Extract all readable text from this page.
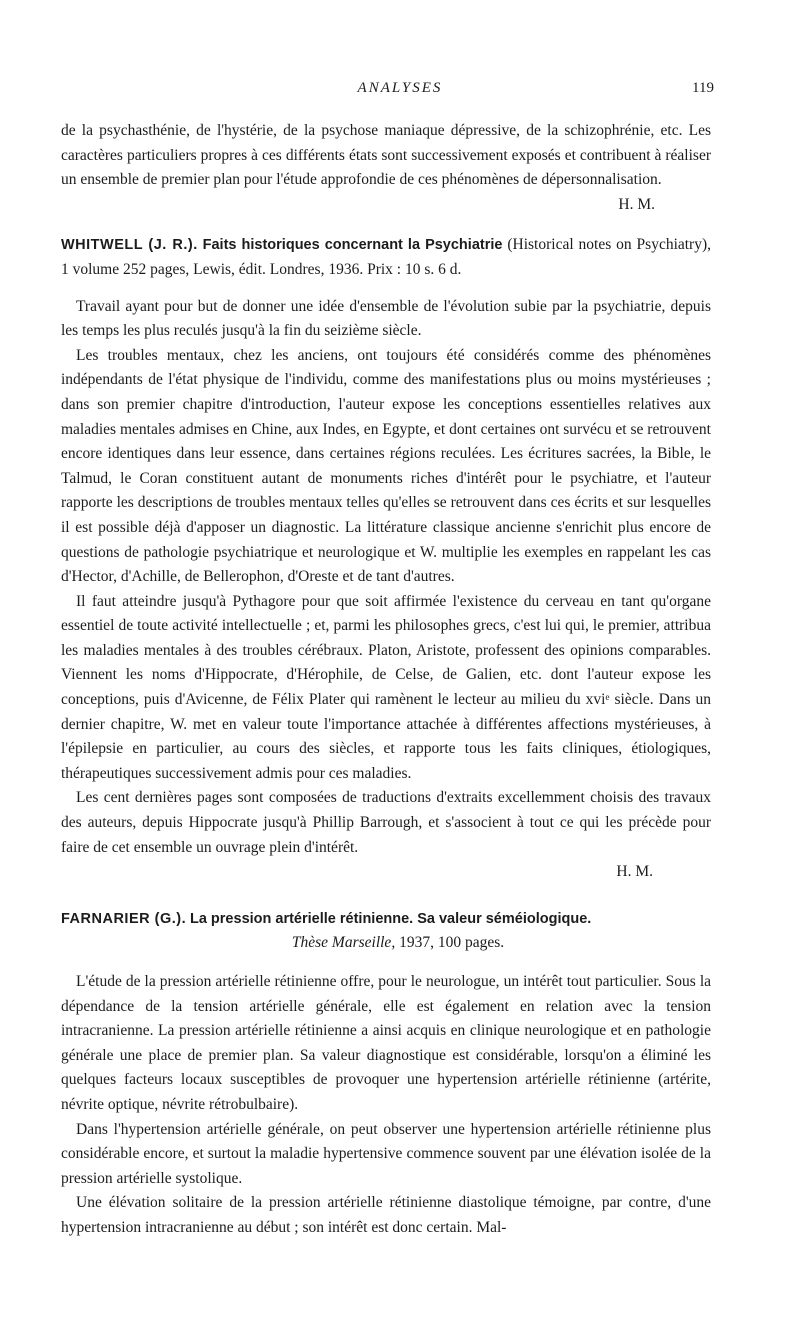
ANALYSES	119

de la psychasthénie, de l'hystérie, de la psychose maniaque dépressive, de la schizophrénie, etc. Les caractères particuliers propres à ces différents états sont successivement exposés et contribuent à réaliser un ensemble de premier plan pour l'étude approfondie de ces phénomènes de dépersonnalisation.
H. M.

WHITWELL (J. R.). Faits historiques concernant la Psychiatrie (Historical notes on Psychiatry), 1 volume 252 pages, Lewis, édit. Londres, 1936. Prix : 10 s. 6 d.

Travail ayant pour but de donner une idée d'ensemble de l'évolution subie par la psychiatrie, depuis les temps les plus reculés jusqu'à la fin du seizième siècle.

Les troubles mentaux, chez les anciens, ont toujours été considérés comme des phénomènes indépendants de l'état physique de l'individu, comme des manifestations plus ou moins mystérieuses ; dans son premier chapitre d'introduction, l'auteur expose les conceptions essentielles relatives aux maladies mentales admises en Chine, aux Indes, en Egypte, et dont certaines ont survécu et se retrouvent encore identiques dans leur essence, dans certaines régions reculées. Les écritures sacrées, la Bible, le Talmud, le Coran constituent autant de monuments riches d'intérêt pour le psychiatre, et l'auteur rapporte les descriptions de troubles mentaux telles qu'elles se retrouvent dans ces écrits et sur lesquelles il est possible déjà d'apposer un diagnostic. La littérature classique ancienne s'enrichit plus encore de questions de pathologie psychiatrique et neurologique et W. multiplie les exemples en rappelant les cas d'Hector, d'Achille, de Bellerophon, d'Oreste et de tant d'autres.

Il faut atteindre jusqu'à Pythagore pour que soit affirmée l'existence du cerveau en tant qu'organe essentiel de toute activité intellectuelle ; et, parmi les philosophes grecs, c'est lui qui, le premier, attribua les maladies mentales à des troubles cérébraux. Platon, Aristote, professent des opinions comparables. Viennent les noms d'Hippocrate, d'Hérophile, de Celse, de Galien, etc. dont l'auteur expose les conceptions, puis d'Avicenne, de Félix Plater qui ramènent le lecteur au milieu du xviᵉ siècle. Dans un dernier chapitre, W. met en valeur toute l'importance attachée à différentes affections mystérieuses, à l'épilepsie en particulier, au cours des siècles, et rapporte tous les faits cliniques, étiologiques, thérapeutiques successivement admis pour ces maladies.

Les cent dernières pages sont composées de traductions d'extraits excellemment choisis des travaux des auteurs, depuis Hippocrate jusqu'à Phillip Barrough, et s'associent à tout ce qui les précède pour faire de cet ensemble un ouvrage plein d'intérêt.

H. M.

FARNARIER (G.). La pression artérielle rétinienne. Sa valeur séméiologique.
Thèse Marseille, 1937, 100 pages.

L'étude de la pression artérielle rétinienne offre, pour le neurologue, un intérêt tout particulier. Sous la dépendance de la tension artérielle générale, elle est également en relation avec la tension intracranienne. La pression artérielle rétinienne a ainsi acquis en clinique neurologique et en pathologie générale une place de premier plan. Sa valeur diagnostique est considérable, lorsqu'on a éliminé les quelques facteurs locaux susceptibles de provoquer une hypertension artérielle rétinienne (artérite, névrite optique, névrite rétrobulbaire).

Dans l'hypertension artérielle générale, on peut observer une hypertension artérielle rétinienne plus considérable encore, et surtout la maladie hypertensive commence souvent par une élévation isolée de la pression artérielle systolique.

Une élévation solitaire de la pression artérielle rétinienne diastolique témoigne, par contre, d'une hypertension intracranienne au début ; son intérêt est donc certain. Mal-
